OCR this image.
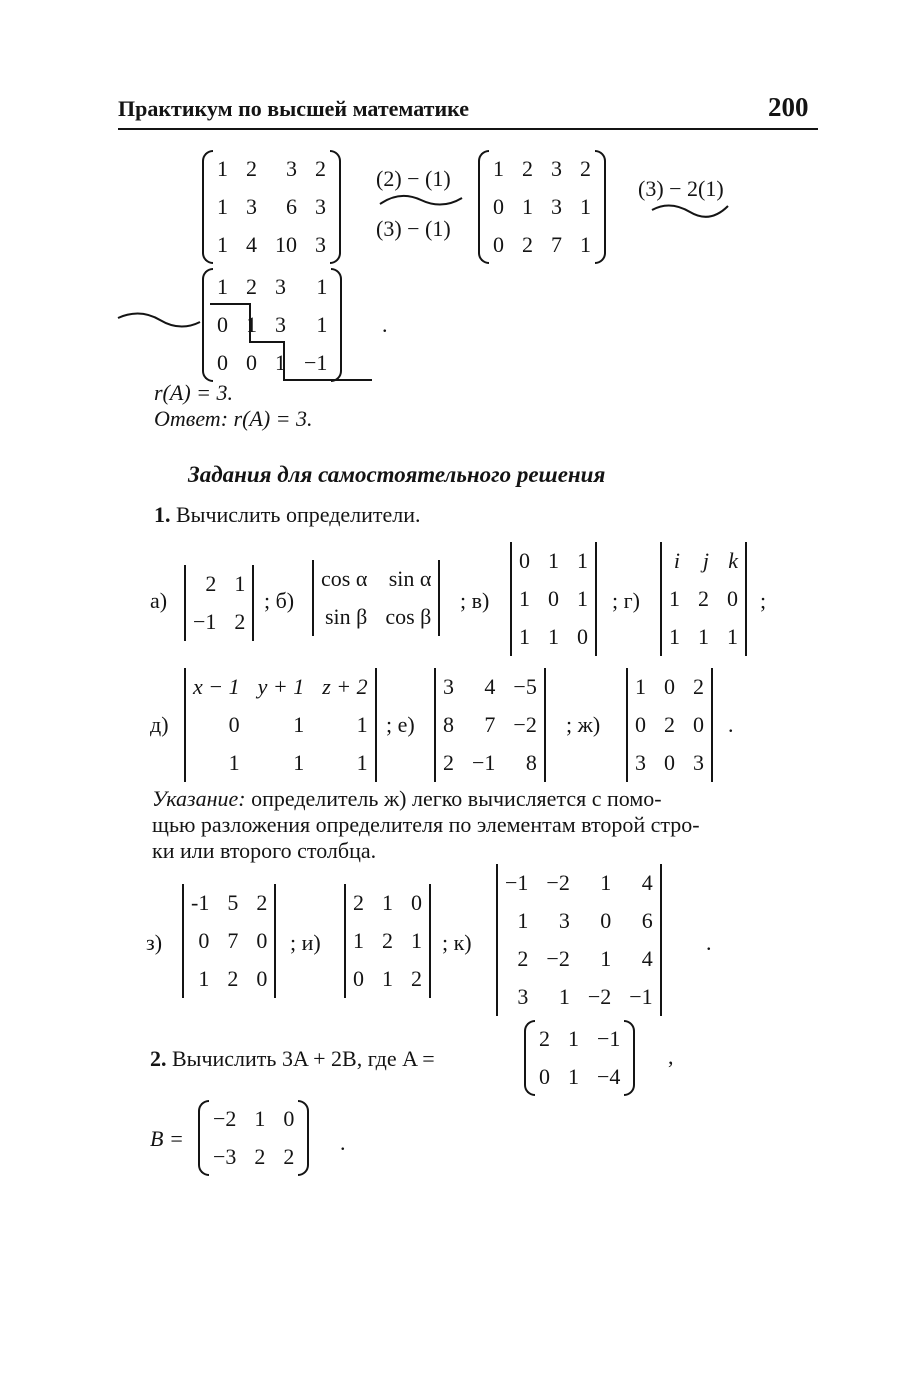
Практикум по высшей математике	200
1	2	3	2
1	3	6	3
1	4	10	3
(2) − (1)
(3) − (1)
1	2	3	2
0	1	3	1
0	2	7	1
(3) − 2(1)
1	2	3	1
0	1	3	1
0	0	1	−1
.
r(A) = 3.
Ответ: r(A) = 3.
Задания для самостоятельного решения
1. Вычислить определители.
а)
2	1
−1	2
; б)
cos α	sin α
sin β	cos β
; в)
0	1	1
1	0	1
1	1	0
; г)
i	j	k
1	2	0
1	1	1
;
д)
x − 1	y + 1	z + 2
0	1	1
1	1	1
; е)
3	4	−5
8	7	−2
2	−1	8
; ж)
1	0	2
0	2	0
3	0	3
.
Указание: определитель ж) легко вычисляется с помо-
щью разложения определителя по элементам второй стро-
ки или второго столбца.
з)
-1	5	2
0	7	0
1	2	0
; и)
2	1	0
1	2	1
0	1	2
; к)
−1	−2	1	4
1	3	0	6
2	−2	1	4
3	1	−2	−1
.
2. Вычислить 3A + 2B, где A =
2	1	−1
0	1	−4
,
B =
−2	1	0
−3	2	2
.
